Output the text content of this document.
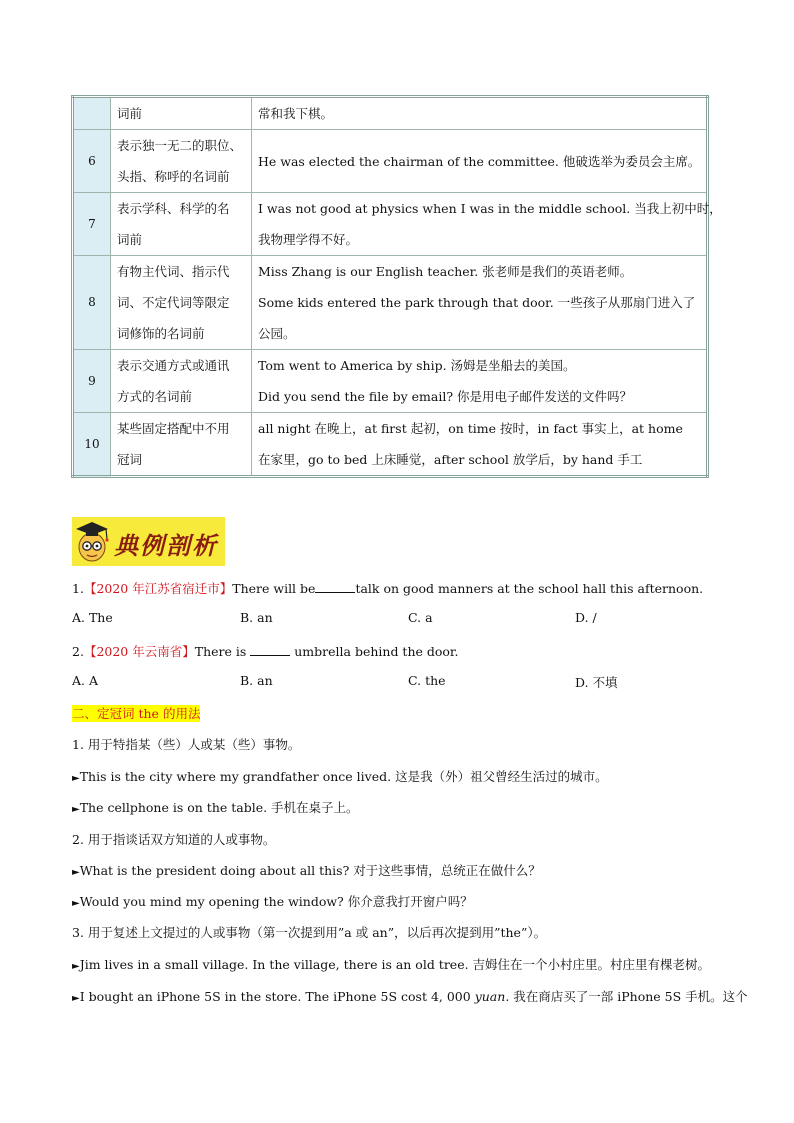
	词前	常和我下棋。

6	表示独一无二的职位、
头指、称呼的名词前	He was elected the chairman of the committee. 他破选举为委员会主席。

7	表示学科、科学的名
词前	I was not good at physics when I was in the middle school. 当我上初中时，
我物理学得不好。

8	有物主代词、指示代
词、不定代词等限定
词修饰的名词前	Miss Zhang is our English teacher. 张老师是我们的英语老师。
Some kids entered the park through that door. 一些孩子从那扇门进入了
公园。

9	表示交通方式或通讯
方式的名词前	Tom went to America by ship. 汤姆是坐船去的美国。
Did you send the file by email? 你是用电子邮件发送的文件吗？

10	某些固定搭配中不用
冠词	all night 在晚上，at first 起初，on time 按时，in fact 事实上，at home
在家里，go to bed 上床睡觉，after school 放学后，by hand 手工
典例剖析
1.【2020 年江苏省宿迁市】There will be	talk on good manners at the school hall this afternoon.
A. The	B. an	C. a	D. /
2.【2020 年云南省】There is	umbrella behind the door.
A. A	B. an	C. the	D. 不填
二、定冠词 the 的用法
1. 用于特指某（些）人或某（些）事物。
►This is the city where my grandfather once lived. 这是我（外）祖父曾经生活过的城市。
►The cellphone is on the table. 手机在桌子上。
2. 用于指谈话双方知道的人或事物。
►What is the president doing about all this? 对于这些事情，总统正在做什么？
►Would you mind my opening the window? 你介意我打开窗户吗？
3. 用于复述上文提过的人或事物（第一次提到用”a 或 an”，以后再次提到用”the”）。
►Jim lives in a small village. In the village, there is an old tree. 吉姆住在一个小村庄里。村庄里有棵老树。
►I bought an iPhone 5S in the store. The iPhone 5S cost 4, 000 yuan. 我在商店买了一部 iPhone 5S 手机。这个
